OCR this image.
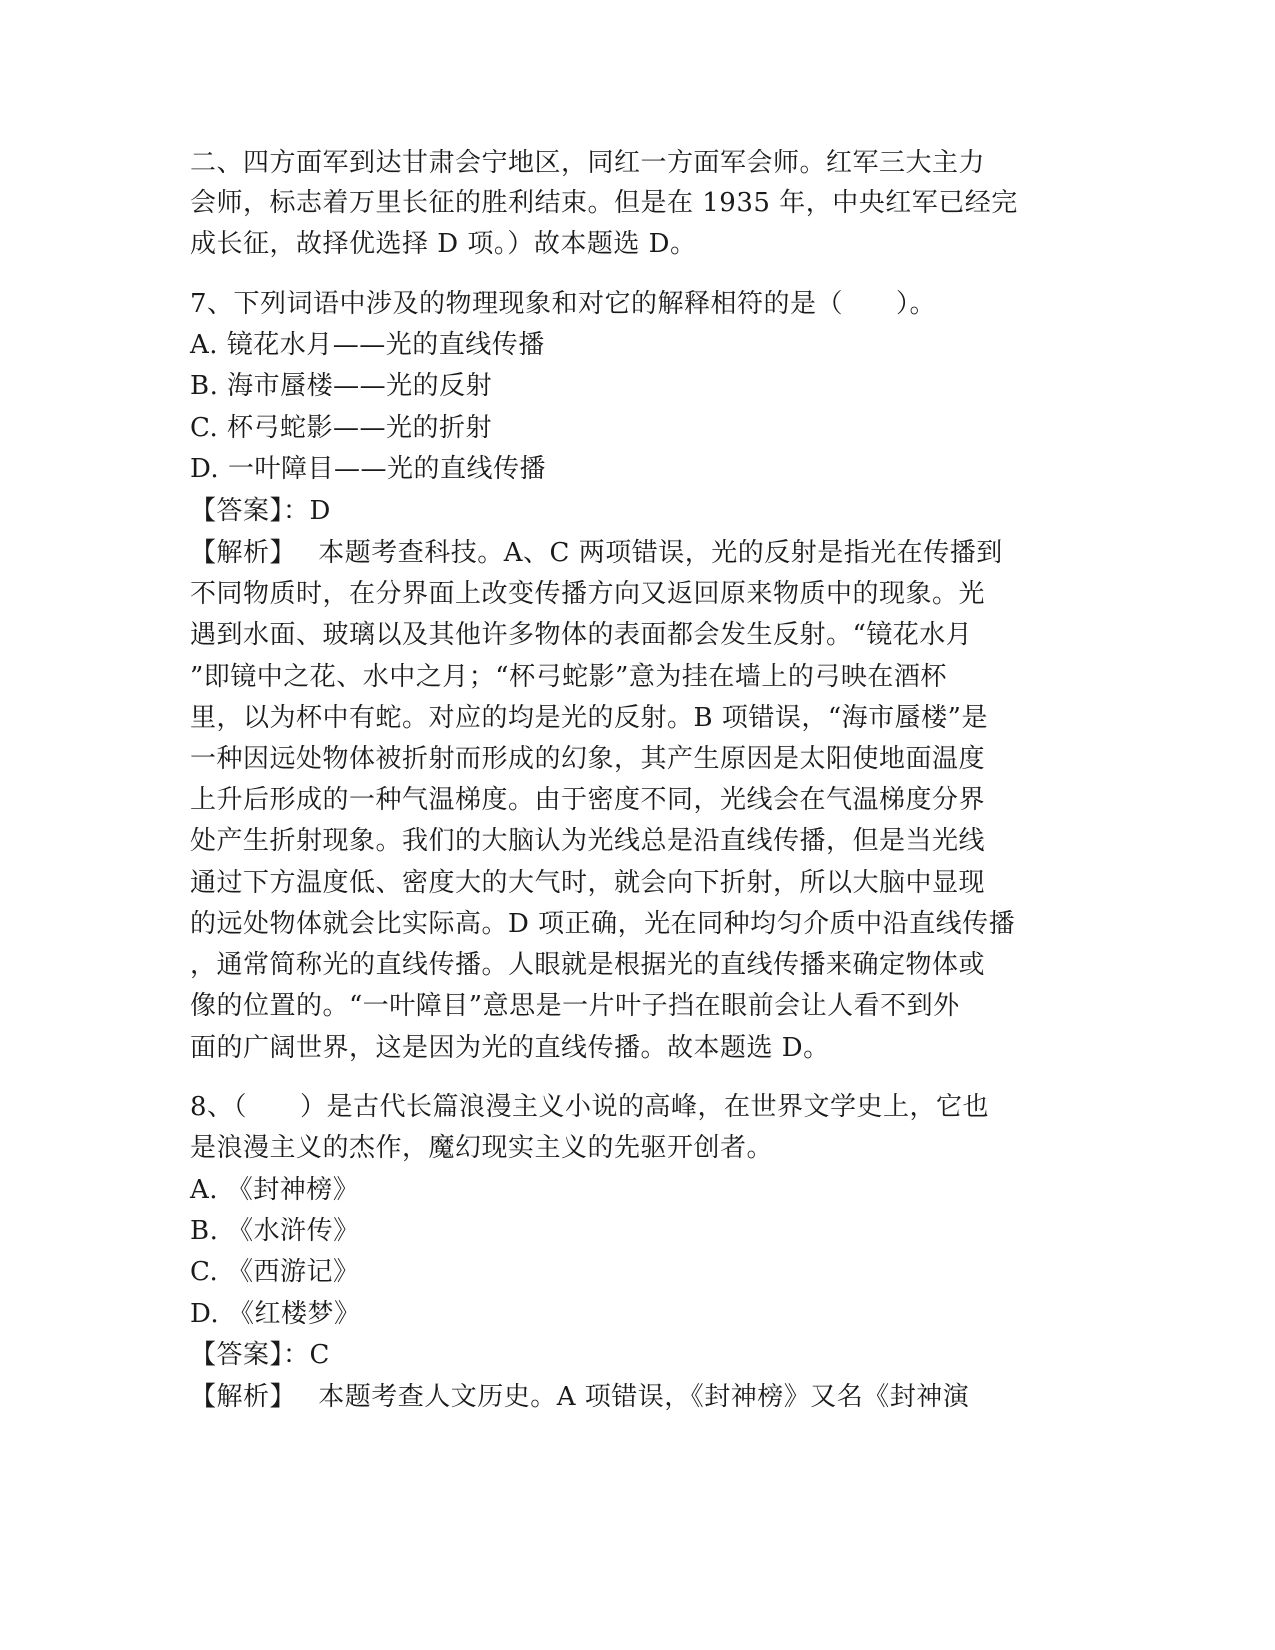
二、四方面军到达甘肃会宁地区，同红一方面军会师。红军三大主力
会师，标志着万里长征的胜利结束。但是在 1935 年，中央红军已经完
成长征，故择优选择 D 项。）故本题选 D。
7、下列词语中涉及的物理现象和对它的解释相符的是（　　）。
A. 镜花水月——光的直线传播
B. 海市蜃楼——光的反射
C. 杯弓蛇影——光的折射
D. 一叶障目——光的直线传播
【答案】：D
【解析】　 本题考查科技。A、C 两项错误，光的反射是指光在传播到
不同物质时，在分界面上改变传播方向又返回原来物质中的现象。光
遇到水面、玻璃以及其他许多物体的表面都会发生反射。“镜花水月
”即镜中之花、水中之月；“杯弓蛇影”意为挂在墙上的弓映在酒杯
里，以为杯中有蛇。对应的均是光的反射。B 项错误，“海市蜃楼”是
一种因远处物体被折射而形成的幻象，其产生原因是太阳使地面温度
上升后形成的一种气温梯度。由于密度不同，光线会在气温梯度分界
处产生折射现象。我们的大脑认为光线总是沿直线传播，但是当光线
通过下方温度低、密度大的大气时，就会向下折射，所以大脑中显现
的远处物体就会比实际高。D 项正确，光在同种均匀介质中沿直线传播
，通常简称光的直线传播。人眼就是根据光的直线传播来确定物体或
像的位置的。“一叶障目”意思是一片叶子挡在眼前会让人看不到外
面的广阔世界，这是因为光的直线传播。故本题选 D。
8、（　　）是古代长篇浪漫主义小说的高峰，在世界文学史上，它也
是浪漫主义的杰作，魔幻现实主义的先驱开创者。
A. 《封神榜》
B. 《水浒传》
C. 《西游记》
D. 《红楼梦》
【答案】：C
【解析】　 本题考查人文历史。A 项错误，《封神榜》又名《封神演
